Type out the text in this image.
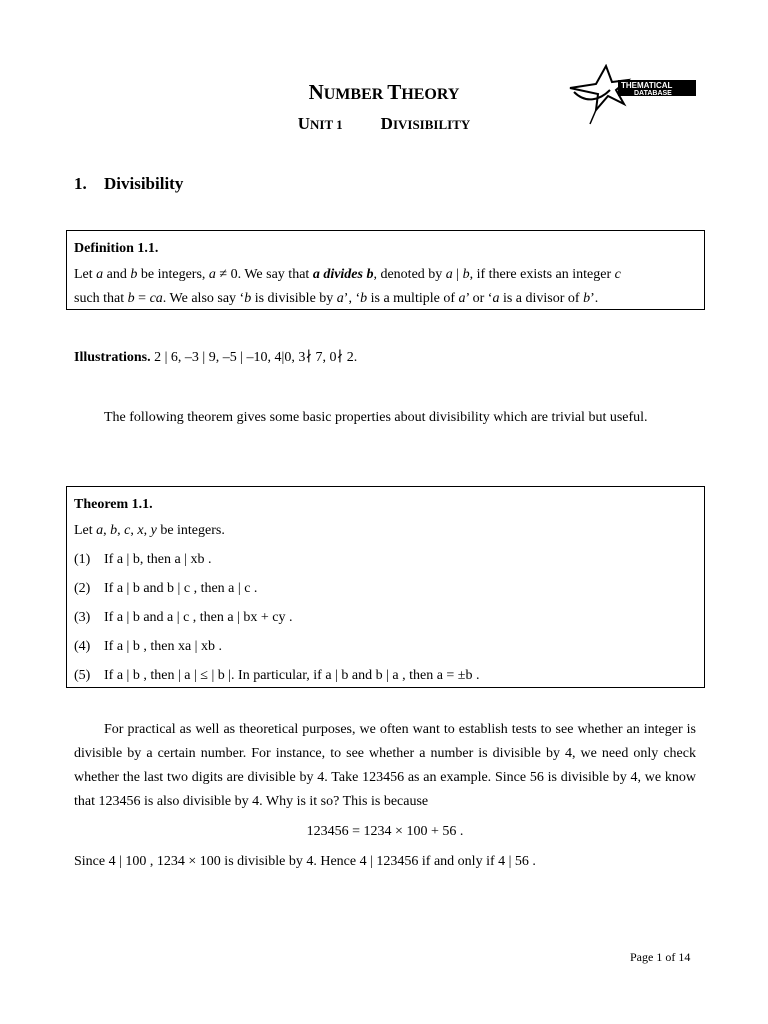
NUMBER THEORY
UNIT 1 DIVISIBILITY
THEMATICAL
DATABASE
1. Divisibility
Definition 1.1.
Let a and b be integers, a ≠ 0. We say that a divides b, denoted by a | b, if there exists an integer c
such that b = ca. We also say ‘b is divisible by a’, ‘b is a multiple of a’ or ‘a is a divisor of b’.
Illustrations. 2 | 6, –3 | 9, –5 | –10, 4|0, 3∤ 7, 0∤ 2.
The following theorem gives some basic properties about divisibility which are trivial but useful.
Theorem 1.1.
Let a, b, c, x, y be integers.
(1) If a | b, then a | xb .
(2) If a | b and b | c , then a | c .
(3) If a | b and a | c , then a | bx + cy .
(4) If a | b , then xa | xb .
(5) If a | b , then | a | ≤ | b |. In particular, if a | b and b | a , then a = ±b .
For practical as well as theoretical purposes, we often want to establish tests to see whether an integer is divisible by a certain number. For instance, to see whether a number is divisible by 4, we need only check whether the last two digits are divisible by 4. Take 123456 as an example. Since 56 is divisible by 4, we know that 123456 is also divisible by 4. Why is it so? This is because
123456 = 1234 × 100 + 56 .
Since 4 | 100 , 1234 × 100 is divisible by 4. Hence 4 | 123456 if and only if 4 | 56 .
Page 1 of 14
